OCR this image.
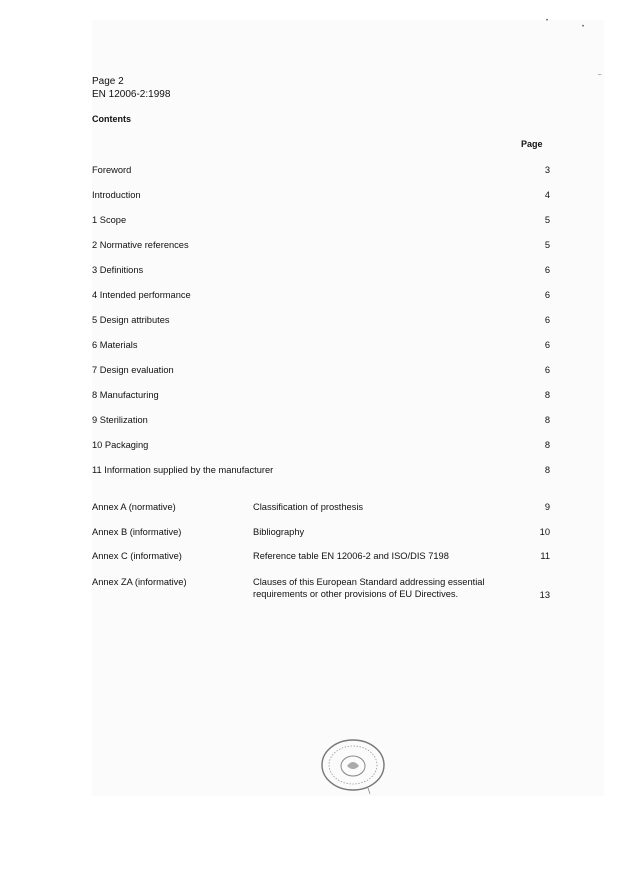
Page 2
EN 12006-2:1998
Contents
Page
Foreword	3
Introduction	4
1 Scope	5
2 Normative references	5
3 Definitions	6
4 Intended performance	6
5 Design attributes	6
6 Materials	6
7 Design evaluation	6
8 Manufacturing	8
9 Sterilization	8
10 Packaging	8
11 Information supplied by the manufacturer	8
Annex A (normative)	Classification of prosthesis	9
Annex B (informative)	Bibliography	10
Annex C (informative)	Reference table EN 12006-2 and ISO/DIS 7198	11
Annex ZA (informative)	Clauses of this European Standard addressing essential requirements or other provisions of EU Directives.	13
•
•
–
